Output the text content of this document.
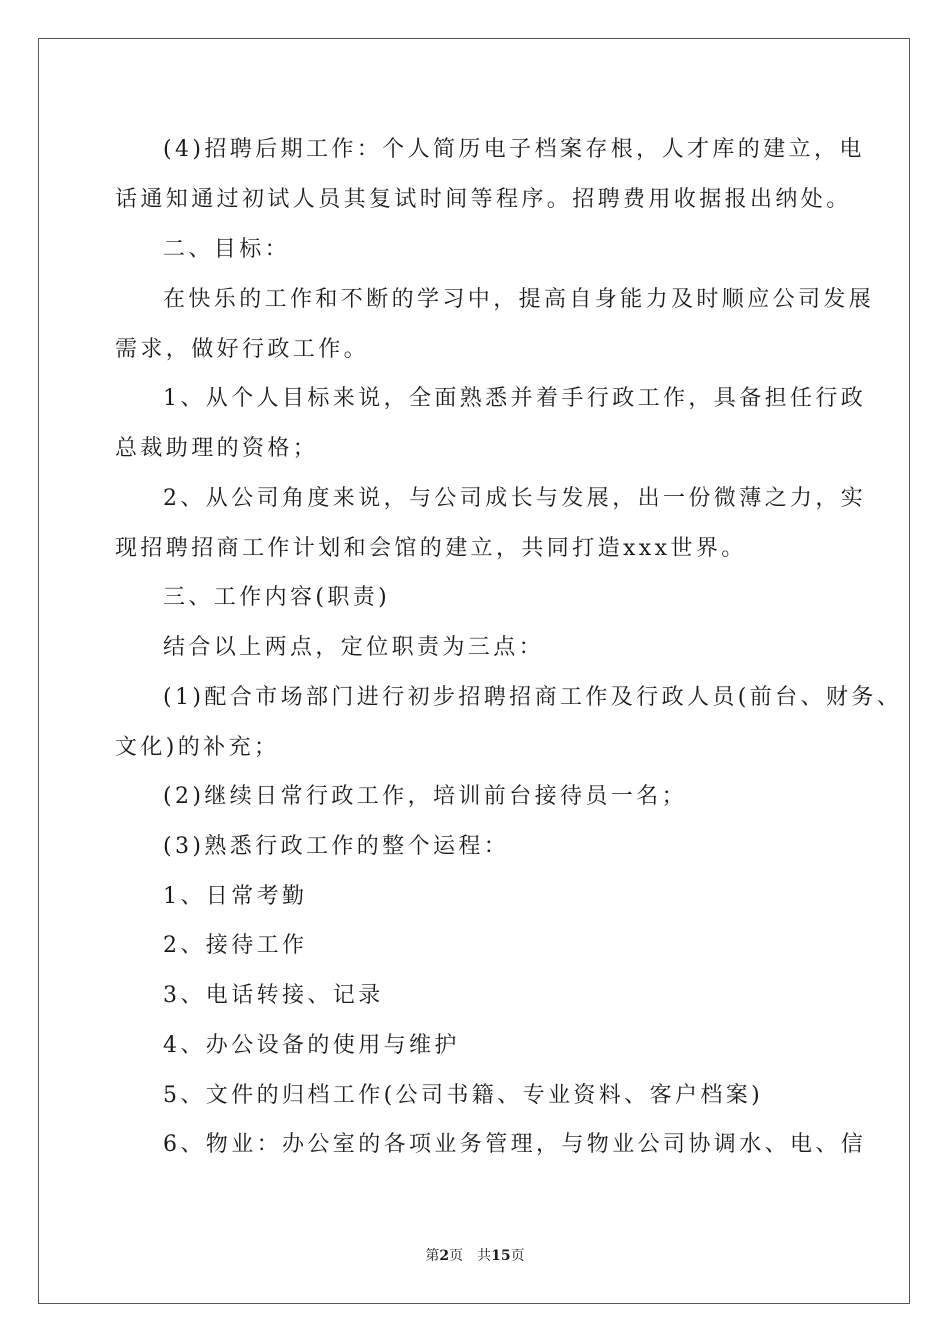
(4)招聘后期工作：个人简历电子档案存根，人才库的建立，电
话通知通过初试人员其复试时间等程序。招聘费用收据报出纳处。
二、目标：
在快乐的工作和不断的学习中，提高自身能力及时顺应公司发展
需求，做好行政工作。
1、从个人目标来说，全面熟悉并着手行政工作，具备担任行政
总裁助理的资格；
2、从公司角度来说，与公司成长与发展，出一份微薄之力，实
现招聘招商工作计划和会馆的建立，共同打造xxx世界。
三、工作内容(职责)
结合以上两点，定位职责为三点：
(1)配合市场部门进行初步招聘招商工作及行政人员(前台、财务、
文化)的补充；
(2)继续日常行政工作，培训前台接待员一名；
(3)熟悉行政工作的整个运程：
1、日常考勤
2、接待工作
3、电话转接、记录
4、办公设备的使用与维护
5、文件的归档工作(公司书籍、专业资料、客户档案)
6、物业：办公室的各项业务管理，与物业公司协调水、电、信
第2页 共15页
